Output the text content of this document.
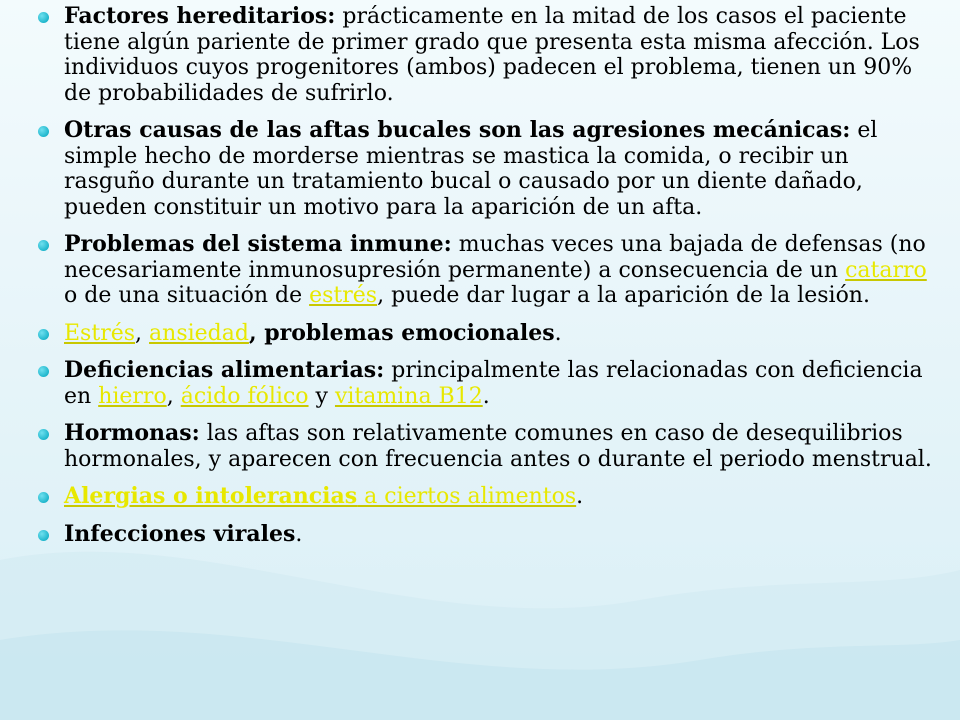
Factores hereditarios: prácticamente en la mitad de los casos el paciente tiene algún pariente de primer grado que presenta esta misma afección. Los individuos cuyos progenitores (ambos) padecen el problema, tienen un 90% de probabilidades de sufrirlo.
Otras causas de las aftas bucales son las agresiones mecánicas: el simple hecho de morderse mientras se mastica la comida, o recibir un rasguño durante un tratamiento bucal o causado por un diente dañado, pueden constituir un motivo para la aparición de un afta.
Problemas del sistema inmune: muchas veces una bajada de defensas (no necesariamente inmunosupresión permanente) a consecuencia de un catarro o de una situación de estrés, puede dar lugar a la aparición de la lesión.
Estrés, ansiedad, problemas emocionales.
Deficiencias alimentarias: principalmente las relacionadas con deficiencia en hierro, ácido fólico y vitamina B12.
Hormonas: las aftas son relativamente comunes en caso de desequilibrios hormonales, y aparecen con frecuencia antes o durante el periodo menstrual.
Alergias o intolerancias a ciertos alimentos.
Infecciones virales.
